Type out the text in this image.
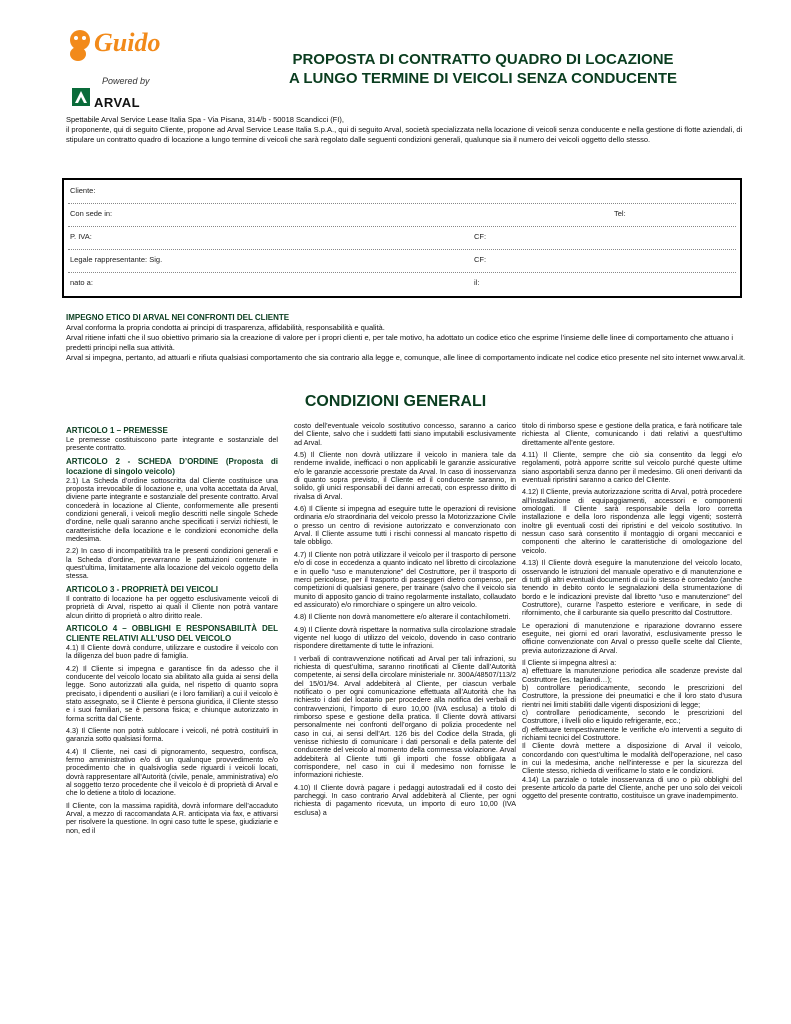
Guido
Powered by
ARVAL
PROPOSTA DI CONTRATTO QUADRO DI LOCAZIONE
A LUNGO TERMINE DI VEICOLI SENZA CONDUCENTE
Spettabile Arval Service Lease Italia Spa - Via Pisana, 314/b - 50018 Scandicci (FI),
il proponente, qui di seguito Cliente, propone ad Arval Service Lease Italia S.p.A., qui di seguito Arval, società specializzata nella locazione di veicoli senza conducente e nella gestione di flotte aziendali, di stipulare un contratto quadro di locazione a lungo termine di veicoli che sarà regolato dalle seguenti condizioni generali, qualunque sia il numero dei veicoli oggetto dello stesso.
Cliente:
Con sede in:	Tel:
P. IVA:	CF:
Legale rappresentante: Sig.	CF:
nato a:	il:
IMPEGNO ETICO DI ARVAL NEI CONFRONTI DEL CLIENTE
Arval conforma la propria condotta ai principi di trasparenza, affidabilità, responsabilità e qualità.
Arval ritiene infatti che il suo obiettivo primario sia la creazione di valore per i propri clienti e, per tale motivo, ha adottato un codice etico che esprime l’insieme delle linee di comportamento che attuano i predetti principi nella sua attività.
Arval si impegna, pertanto, ad attuarli e rifiuta qualsiasi comportamento che sia contrario alla legge e, comunque, alle linee di comportamento indicate nel codice etico presente nel sito internet www.arval.it.
CONDIZIONI GENERALI
ARTICOLO 1 – PREMESSE

Le premesse costituiscono parte integrante e sostanziale del presente contratto.

ARTICOLO 2 - SCHEDA D’ORDINE (Proposta di locazione di singolo veicolo)

2.1) La Scheda d’ordine sottoscritta dal Cliente costituisce una proposta irrevocabile di locazione e, una volta accettata da Arval, diviene parte integrante e sostanziale del presente contratto. Arval concederà in locazione al Cliente, conformemente alle presenti condizioni generali, i veicoli meglio descritti nelle singole Schede d’ordine, nelle quali saranno anche specificati i servizi richiesti, le caratteristiche della locazione e le condizioni economiche della medesima.

2.2) In caso di incompatibilità tra le presenti condizioni generali e la Scheda d’ordine, prevarranno le pattuizioni contenute in quest’ultima, limitatamente alla locazione del veicolo oggetto della stessa.

ARTICOLO 3 - PROPRIETÀ DEI VEICOLI

Il contratto di locazione ha per oggetto esclusivamente veicoli di proprietà di Arval, rispetto ai quali il Cliente non potrà vantare alcun diritto di proprietà o altro diritto reale.

ARTICOLO 4 – OBBLIGHI E RESPONSABILITÀ DEL CLIENTE RELATIVI ALL’USO DEL VEICOLO

4.1) Il Cliente dovrà condurre, utilizzare e custodire il veicolo con la diligenza del buon padre di famiglia.

4.2) Il Cliente si impegna e garantisce fin da adesso che il conducente del veicolo locato sia abilitato alla guida ai sensi della legge. Sono autorizzati alla guida, nel rispetto di quanto sopra precisato, i dipendenti o ausiliari (e i loro familiari) a cui il veicolo è stato assegnato, se il Cliente è persona giuridica, il Cliente stesso e i suoi familiari, se è persona fisica; e chiunque autorizzato in forma scritta dal Cliente.

4.3) Il Cliente non potrà sublocare i veicoli, né potrà costituirli in garanzia sotto qualsiasi forma.

4.4) Il Cliente, nei casi di pignoramento, sequestro, confisca, fermo amministrativo e/o di un qualunque provvedimento e/o procedimento che in qualsivoglia sede riguardi i veicoli locati, dovrà rappresentare all’Autorità (civile, penale, amministrativa) e/o al soggetto terzo procedente che il veicolo è di proprietà di Arval e che lo detiene a titolo di locazione.

Il Cliente, con la massima rapidità, dovrà informare dell’accaduto Arval, a mezzo di raccomandata A.R. anticipata via fax, e attivarsi per risolvere la questione. In ogni caso tutte le spese, giudiziarie e non, ed il

costo dell’eventuale veicolo sostitutivo concesso, saranno a carico del Cliente, salvo che i suddetti fatti siano imputabili esclusivamente ad Arval.

4.5) Il Cliente non dovrà utilizzare il veicolo in maniera tale da renderne invalide, inefficaci o non applicabili le garanzie assicurative e/o le garanzie accessorie prestate da Arval. In caso di inosservanza di quanto sopra previsto, il Cliente ed il conducente saranno, in solido, gli unici responsabili dei danni arrecati, con espresso diritto di rivalsa di Arval.

4.6) Il Cliente si impegna ad eseguire tutte le operazioni di revisione ordinaria e/o straordinaria del veicolo presso la Motorizzazione Civile o presso un centro di revisione autorizzato e convenzionato con Arval. Il Cliente assume tutti i rischi connessi al mancato rispetto di tale obbligo.

4.7) Il Cliente non potrà utilizzare il veicolo per il trasporto di persone e/o di cose in eccedenza a quanto indicato nel libretto di circolazione e in quello “uso e manutenzione” del Costruttore, per il trasporto di merci pericolose, per il trasporto di passeggeri dietro compenso, per competizioni di qualsiasi genere, per trainare (salvo che il veicolo sia munito di apposito gancio di traino regolarmente installato, collaudato ed assicurato) e/o rimorchiare o spingere un altro veicolo.

4.8) Il Cliente non dovrà manomettere e/o alterare il contachilometri.

4.9) Il Cliente dovrà rispettare la normativa sulla circolazione stradale vigente nel luogo di utilizzo del veicolo, dovendo in caso contrario rispondere direttamente di tutte le infrazioni.

I verbali di contravvenzione notificati ad Arval per tali infrazioni, su richiesta di quest’ultima, saranno rinotificati al Cliente dall’Autorità competente, ai sensi della circolare ministeriale nr. 300A/48507/113/2 del 15/01/94. Arval addebiterà al Cliente, per ciascun verbale notificato o per ogni comunicazione effettuata all’Autorità che ha richiesto i dati del locatario per procedere alla notifica dei verbali di contravvenzioni, l’importo di euro 10,00 (IVA esclusa) a titolo di rimborso spese e gestione della pratica. Il Cliente dovrà attivarsi personalmente nei confronti dell’organo di polizia procedente nel caso in cui, ai sensi dell’Art. 126 bis del Codice della Strada, gli venisse richiesto di comunicare i dati personali e della patente del conducente del veicolo al momento della commessa violazione. Arval addebiterà al Cliente tutti gli importi che fosse obbligata a corrispondere, nel caso in cui il medesimo non fornisse le informazioni richieste.

4.10) Il Cliente dovrà pagare i pedaggi autostradali ed il costo dei parcheggi. In caso contrario Arval addebiterà al Cliente, per ogni richiesta di pagamento ricevuta, un importo di euro 10,00 (IVA esclusa) a

titolo di rimborso spese e gestione della pratica, e farà notificare tale richiesta al Cliente, comunicando i dati relativi a quest’ultimo direttamente all’ente gestore.

4.11) Il Cliente, sempre che ciò sia consentito da leggi e/o regolamenti, potrà apporre scritte sul veicolo purché queste ultime siano asportabili senza danno per il medesimo. Gli oneri derivanti da eventuali ripristini saranno a carico del Cliente.

4.12) Il Cliente, previa autorizzazione scritta di Arval, potrà procedere all’installazione di equipaggiamenti, accessori e componenti omologati. Il Cliente sarà responsabile della loro corretta installazione e della loro rispondenza alle leggi vigenti; sosterrà inoltre gli eventuali costi dei ripristini e del veicolo sostitutivo. In nessun caso sarà consentito il montaggio di organi meccanici e componenti che alterino le caratteristiche di omologazione del veicolo.

4.13) Il Cliente dovrà eseguire la manutenzione del veicolo locato, osservando le istruzioni del manuale operativo e di manutenzione e di tutti gli altri eventuali documenti di cui lo stesso è corredato (anche tenendo in debito conto le segnalazioni della strumentazione di bordo e le indicazioni previste dal libretto “uso e manutenzione” del Costruttore), curarne l’aspetto esteriore e verificare, in sede di rifornimento, che il carburante sia quello prescritto dal Costruttore.

Le operazioni di manutenzione e riparazione dovranno essere eseguite, nei giorni ed orari lavorativi, esclusivamente presso le officine convenzionate con Arval o presso quelle scelte dal Cliente, previa autorizzazione di Arval.

Il Cliente si impegna altresì a:

a) effettuare la manutenzione periodica alle scadenze previste dal Costruttore (es. tagliandi…);

b) controllare periodicamente, secondo le prescrizioni del Costruttore, la pressione dei pneumatici e che il loro stato d’usura rientri nei limiti stabiliti dalle vigenti disposizioni di legge;

c) controllare periodicamente, secondo le prescrizioni del Costruttore, i livelli olio e liquido refrigerante, ecc.;

d) effettuare tempestivamente le verifiche e/o interventi a seguito di richiami tecnici del Costruttore.

Il Cliente dovrà mettere a disposizione di Arval il veicolo, concordando con quest’ultima le modalità dell’operazione, nel caso in cui la medesima, anche nell’interesse e per la sicurezza del Cliente stesso, richieda di verificarne lo stato e le condizioni.

4.14) La parziale o totale inosservanza di uno o più obblighi del presente articolo da parte del Cliente, anche per uno solo dei veicoli oggetto del presente contratto, costituisce un grave inadempimento.
